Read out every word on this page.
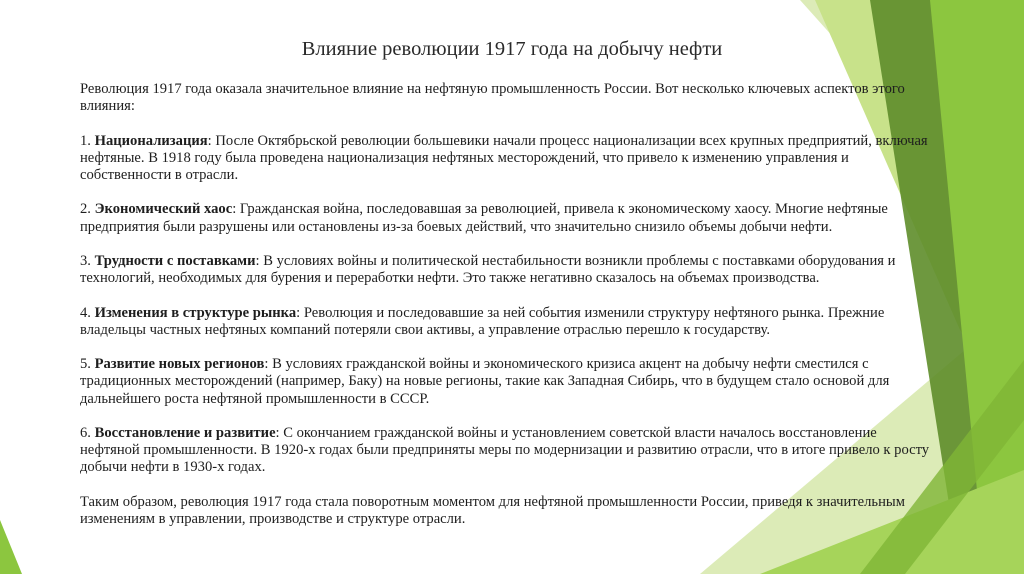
Влияние революции 1917 года на добычу нефти

Революция 1917 года оказала значительное влияние на нефтяную промышленность России. Вот несколько ключевых аспектов этого влияния:

1. Национализация: После Октябрьской революции большевики начали процесс национализации всех крупных предприятий, включая нефтяные. В 1918 году была проведена национализация нефтяных месторождений, что привело к изменению управления и собственности в отрасли.

2. Экономический хаос: Гражданская война, последовавшая за революцией, привела к экономическому хаосу. Многие нефтяные предприятия были разрушены или остановлены из-за боевых действий, что значительно снизило объемы добычи нефти.

3. Трудности с поставками: В условиях войны и политической нестабильности возникли проблемы с поставками оборудования и технологий, необходимых для бурения и переработки нефти. Это также негативно сказалось на объемах производства.

4. Изменения в структуре рынка: Революция и последовавшие за ней события изменили структуру нефтяного рынка. Прежние владельцы частных нефтяных компаний потеряли свои активы, а управление отраслью перешло к государству.

5. Развитие новых регионов: В условиях гражданской войны и экономического кризиса акцент на добычу нефти сместился с традиционных месторождений (например, Баку) на новые регионы, такие как Западная Сибирь, что в будущем стало основой для дальнейшего роста нефтяной промышленности в СССР.

6. Восстановление и развитие: С окончанием гражданской войны и установлением советской власти началось восстановление нефтяной промышленности. В 1920-х годах были предприняты меры по модернизации и развитию отрасли, что в итоге привело к росту добычи нефти в 1930-х годах.

Таким образом, революция 1917 года стала поворотным моментом для нефтяной промышленности России, приведя к значительным изменениям в управлении, производстве и структуре отрасли.
